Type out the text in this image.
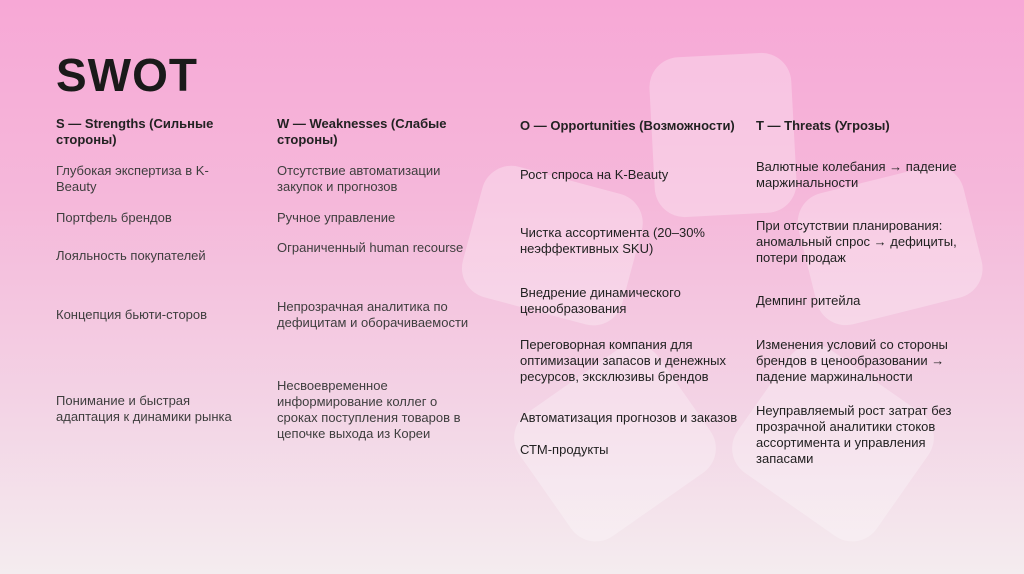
SWOT
S — Strengths (Сильные стороны)
Глубокая экспертиза в K-Beauty
Портфель брендов
Лояльность покупателей
Концепция бьюти-сторов
Понимание и быстрая адаптация к динамики рынка
W — Weaknesses (Слабые стороны)
Отсутствие автоматизации закупок и прогнозов
Ручное управление
Ограниченный human recourse
Непрозрачная аналитика по дефицитам и оборачиваемости
Несвоевременное информирование коллег о сроках поступления товаров в цепочке выхода из Кореи
O — Opportunities (Возможности)
Рост спроса на K-Beauty
Чистка ассортимента (20–30% неэффективных SKU)
Внедрение динамического ценообразования
Переговорная компания для оптимизации запасов и денежных ресурсов, эксклюзивы брендов
Автоматизация прогнозов и заказов
СТМ-продукты
T — Threats (Угрозы)
Валютные колебания → падение маржинальности
При отсутствии планирования: аномальный спрос → дефициты, потери продаж
Демпинг ритейла
Изменения условий со стороны брендов в ценообразовании → падение маржинальности
Неуправляемый рост затрат без прозрачной аналитики стоков ассортимента и управления запасами
